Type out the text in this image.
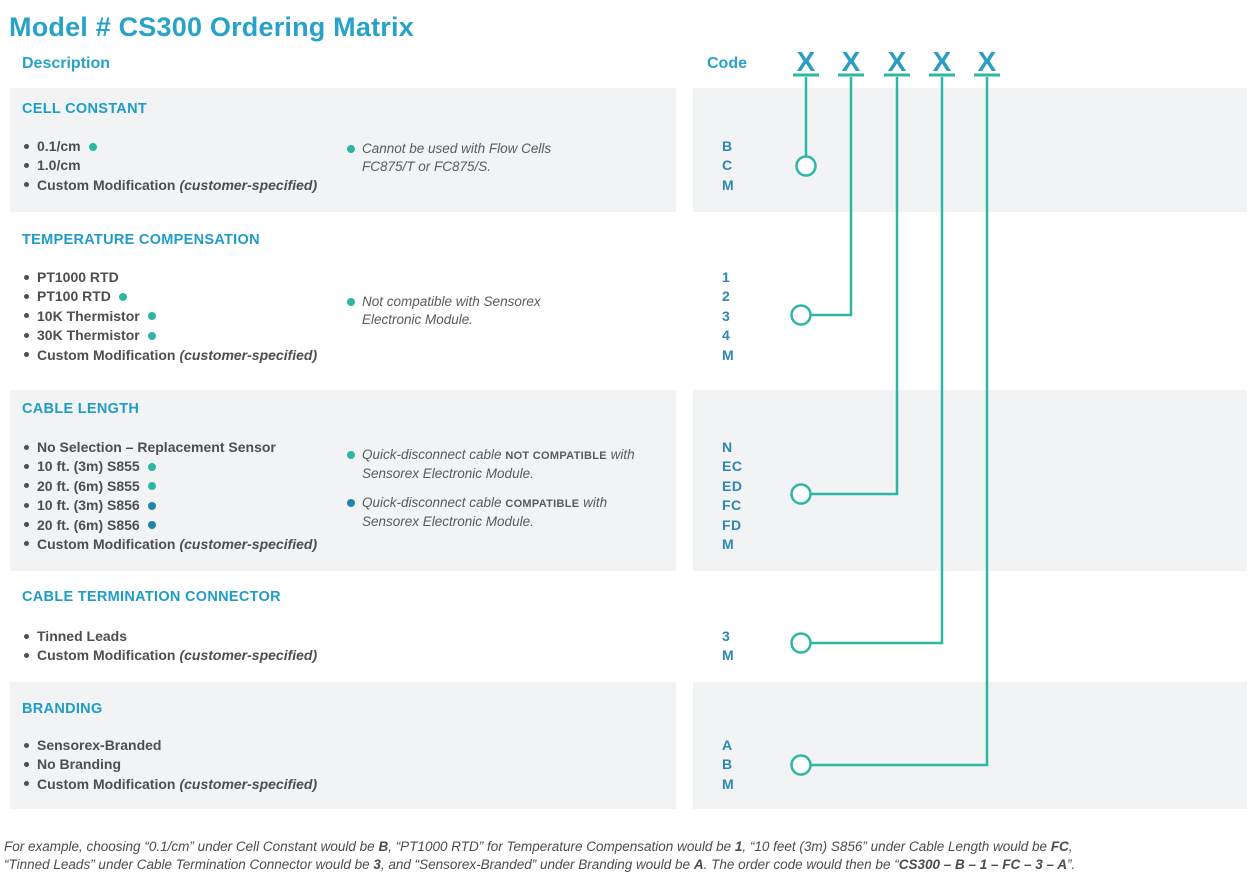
Model # CS300 Ordering Matrix
Description	Code X X X X X
CELL CONSTANT
0.1/cm
1.0/cm
Custom Modification (customer-specified)
Cannot be used with Flow Cells FC875/T or FC875/S.
B
C
M
TEMPERATURE COMPENSATION
PT1000 RTD
PT100 RTD
10K Thermistor
30K Thermistor
Custom Modification (customer-specified)
Not compatible with Sensorex Electronic Module.
1
2
3
4
M
CABLE LENGTH
No Selection – Replacement Sensor
10 ft. (3m) S855
20 ft. (6m) S855
10 ft. (3m) S856
20 ft. (6m) S856
Custom Modification (customer-specified)
Quick-disconnect cable NOT COMPATIBLE with Sensorex Electronic Module.
Quick-disconnect cable COMPATIBLE with Sensorex Electronic Module.
N
EC
ED
FC
FD
M
CABLE TERMINATION CONNECTOR
Tinned Leads
Custom Modification (customer-specified)
3
M
BRANDING
Sensorex-Branded
No Branding
Custom Modification (customer-specified)
A
B
M
For example, choosing “0.1/cm” under Cell Constant would be B, “PT1000 RTD” for Temperature Compensation would be 1, “10 feet (3m) S856” under Cable Length would be FC,
“Tinned Leads” under Cable Termination Connector would be 3, and “Sensorex-Branded” under Branding would be A. The order code would then be “CS300 – B – 1 – FC – 3 – A”.
